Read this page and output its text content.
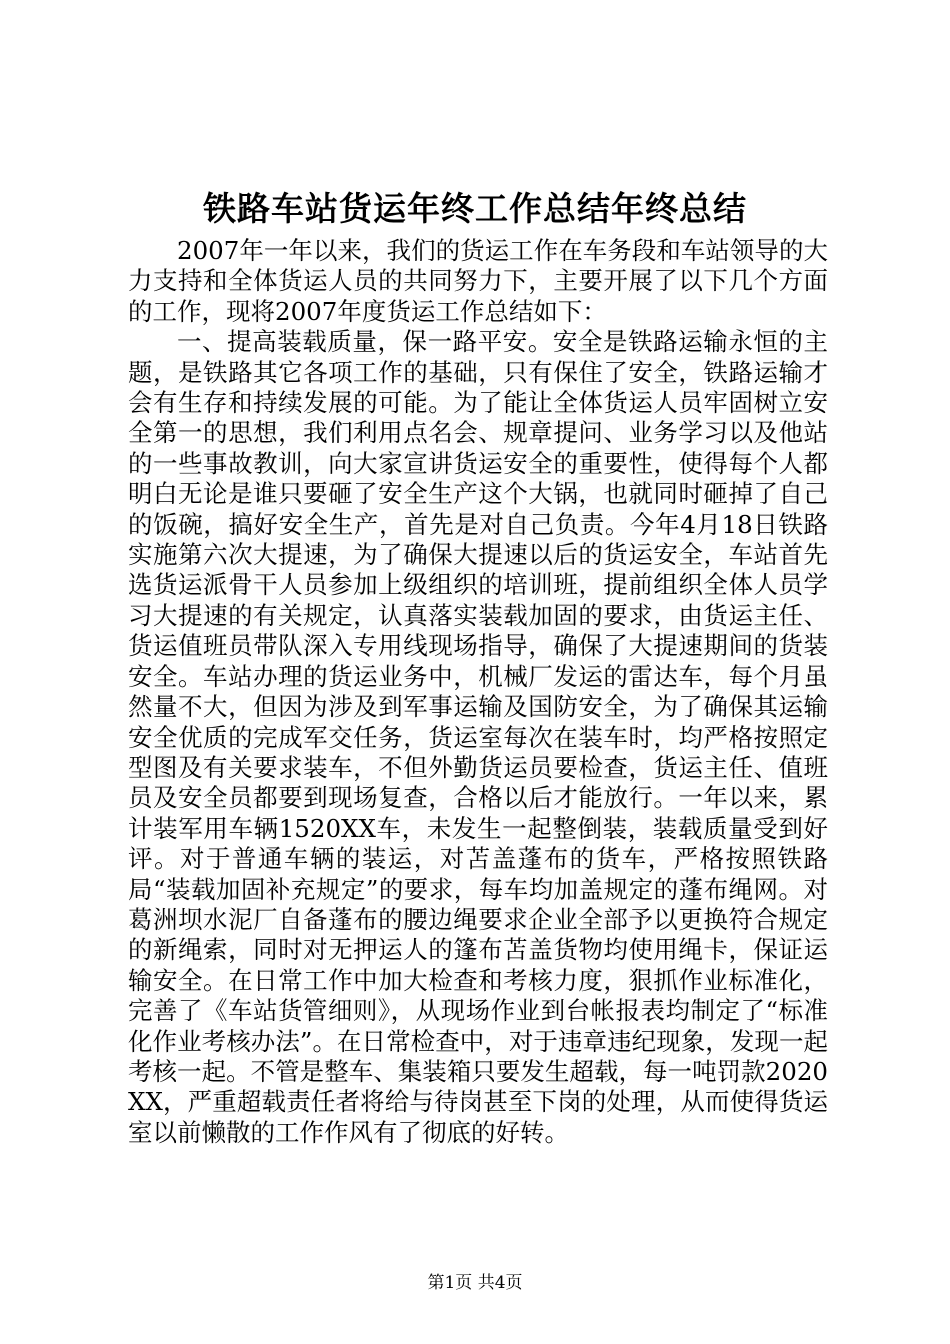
铁路车站货运年终工作总结年终总结

2007年一年以来，我们的货运工作在车务段和车站领导的大力支持和全体货运人员的共同努力下，主要开展了以下几个方面的工作，现将2007年度货运工作总结如下：

一、提高装载质量，保一路平安。安全是铁路运输永恒的主题，是铁路其它各项工作的基础，只有保住了安全，铁路运输才会有生存和持续发展的可能。为了能让全体货运人员牢固树立安全第一的思想，我们利用点名会、规章提问、业务学习以及他站的一些事故教训，向大家宣讲货运安全的重要性，使得每个人都明白无论是谁只要砸了安全生产这个大锅，也就同时砸掉了自己的饭碗，搞好安全生产，首先是对自己负责。今年4月18日铁路实施第六次大提速，为了确保大提速以后的货运安全，车站首先选货运派骨干人员参加上级组织的培训班，提前组织全体人员学习大提速的有关规定，认真落实装载加固的要求，由货运主任、货运值班员带队深入专用线现场指导，确保了大提速期间的货装安全。车站办理的货运业务中，机械厂发运的雷达车，每个月虽然量不大，但因为涉及到军事运输及国防安全，为了确保其运输安全优质的完成军交任务，货运室每次在装车时，均严格按照定型图及有关要求装车，不但外勤货运员要检查，货运主任、值班员及安全员都要到现场复查，合格以后才能放行。一年以来，累计装军用车辆1520XX车，未发生一起整倒装，装载质量受到好评。对于普通车辆的装运，对苫盖蓬布的货车，严格按照铁路局“装载加固补充规定”的要求，每车均加盖规定的蓬布绳网。对葛洲坝水泥厂自备蓬布的腰边绳要求企业全部予以更换符合规定的新绳索，同时对无押运人的篷布苫盖货物均使用绳卡，保证运输安全。在日常工作中加大检查和考核力度，狠抓作业标准化，完善了《车站货管细则》，从现场作业到台帐报表均制定了“标准化作业考核办法”。在日常检查中，对于违章违纪现象，发现一起考核一起。不管是整车、集装箱只要发生超载，每一吨罚款2020XX，严重超载责任者将给与待岗甚至下岗的处理，从而使得货运室以前懒散的工作作风有了彻底的好转。

第1页 共4页
